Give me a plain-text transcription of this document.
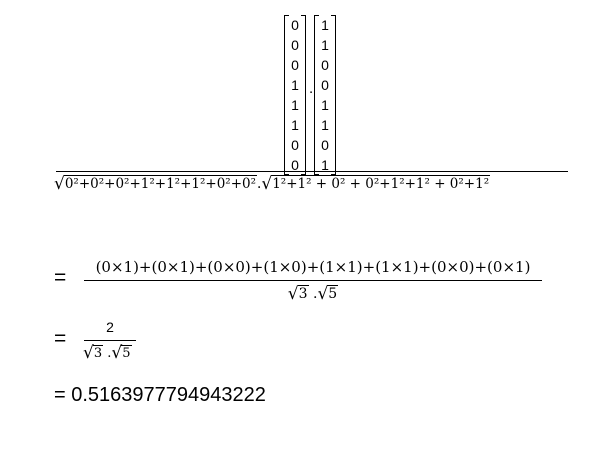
0
0
0
1
1
1
0
0
.
1
1
0
0
1
1
0
1
√0²+0²+0²+1²+1²+1²+0²+0².√1²+1² + 0² + 0²+1²+1² + 0²+1²
=	(0×1)+(0×1)+(0×0)+(1×0)+(1×1)+(1×1)+(0×0)+(0×1)
√3 .√5
=	2
√3 .√5
= 0.5163977794943222
